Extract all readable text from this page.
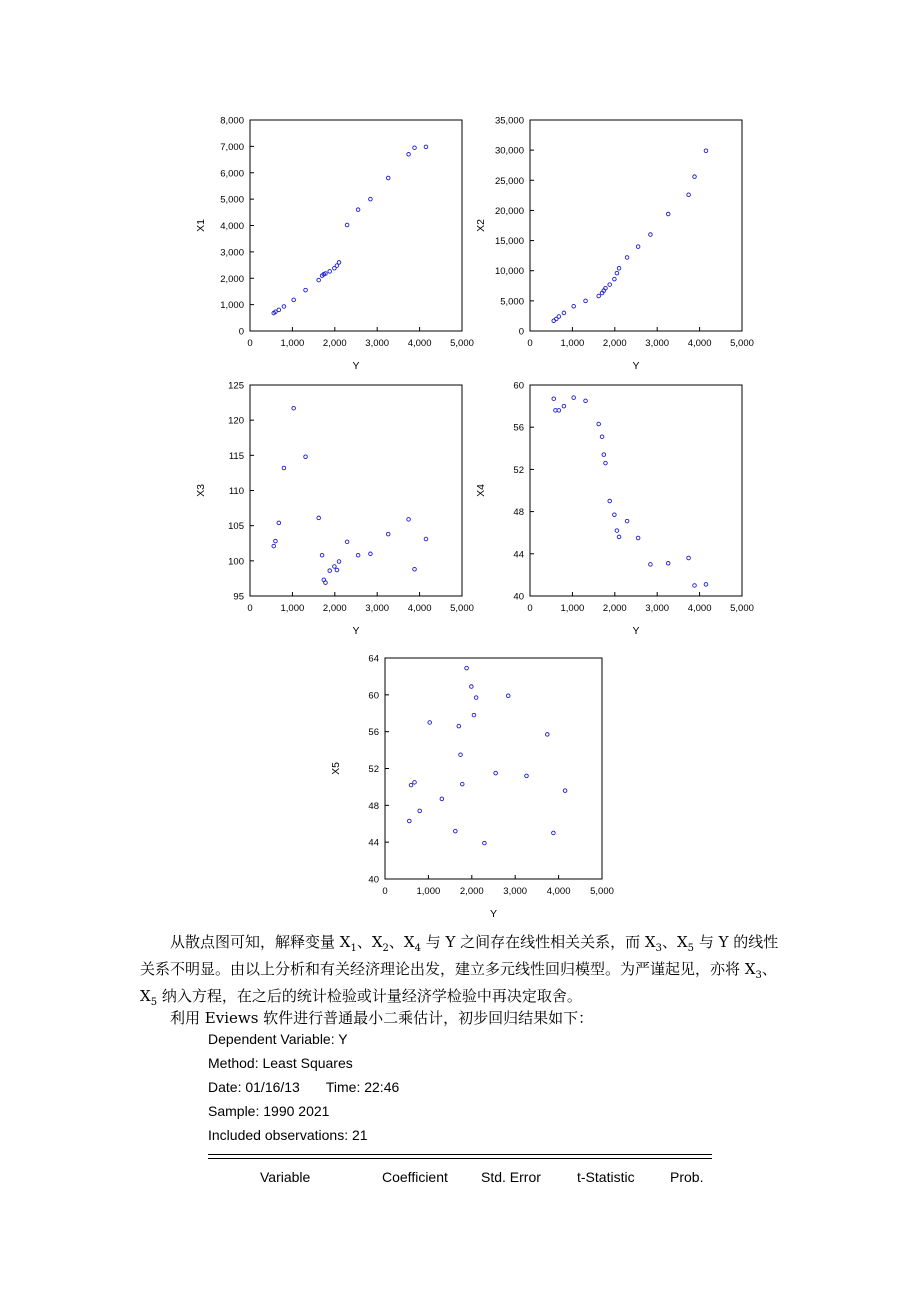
0	1,000 2,000 3,000 4,000 5,000
0
1,000
2,000
3,000
4,000
5,000
6,000
7,000
8,000
Y
X1
0	1,000 2,000 3,000 4,000 5,000
0
5,000
10,000
15,000
20,000
25,000
30,000
35,000
Y
X2
0	1,000 2,000 3,000 4,000 5,000
95
100
105
110
115
120
125
Y
X3
0	1,000 2,000 3,000 4,000 5,000
40
44
48
52
56
60
Y
X4
0	1,000 2,000 3,000 4,000 5,000
40
44
48
52
56
60
64
Y
X5

从散点图可知，解释变量 $X_1$、$X_2$、$X_4$ 与 Y 之间存在线性相关关系，而 $X_3$、$X_5$ 与 Y 的线性关系不明显。由以上分析和有关经济理论出发，建立多元线性回归模型。为严谨起见，亦将 $X_3$、$X_5$ 纳入方程，在之后的统计检验或计量经济学检验中再决定取舍。

利用 Eviews 软件进行普通最小二乘估计，初步回归结果如下：

Dependent Variable: Y

Method: Least Squares

Date: 01/16/13 Time: 22:46

Sample: 1990 2021

Included observations: 21

Variable	Coefficient Std. Error	t-Statistic	Prob.
